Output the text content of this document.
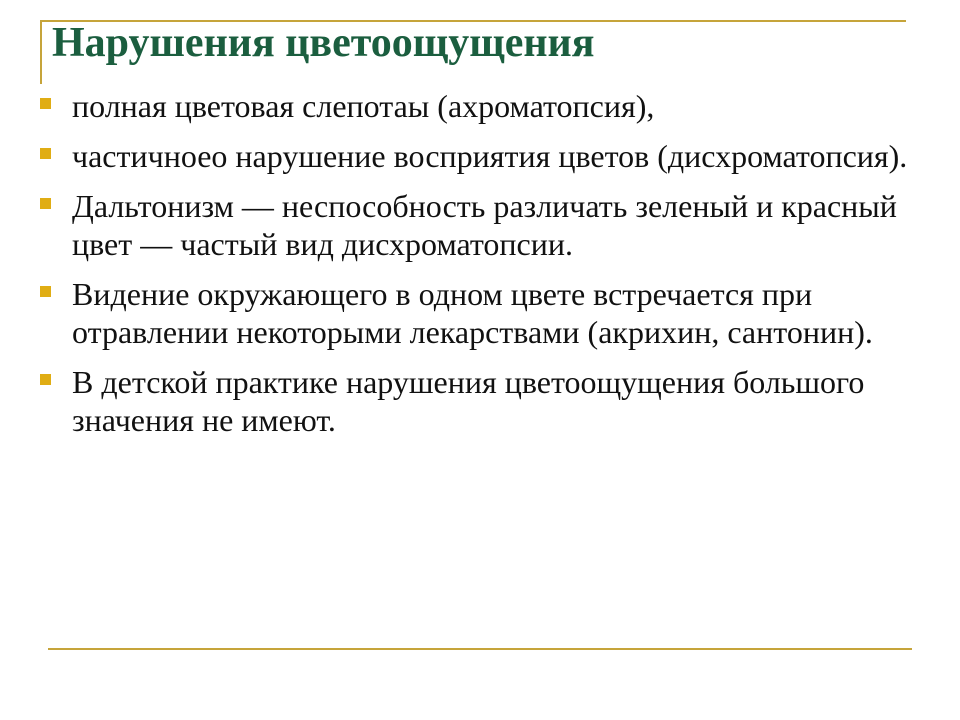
Нарушения цветоощущения
полная цветовая слепотаы (ахроматопсия),
частичноео нарушение восприятия цветов (дисхроматопсия).
Дальтонизм — неспособность различать зеленый и красный цвет — частый вид дисхроматопсии.
Видение окружающего в одном цвете встречается при отравлении некоторыми лекарствами (акрихин, сантонин).
В детской практике нарушения цветоощущения большого значения не имеют.
